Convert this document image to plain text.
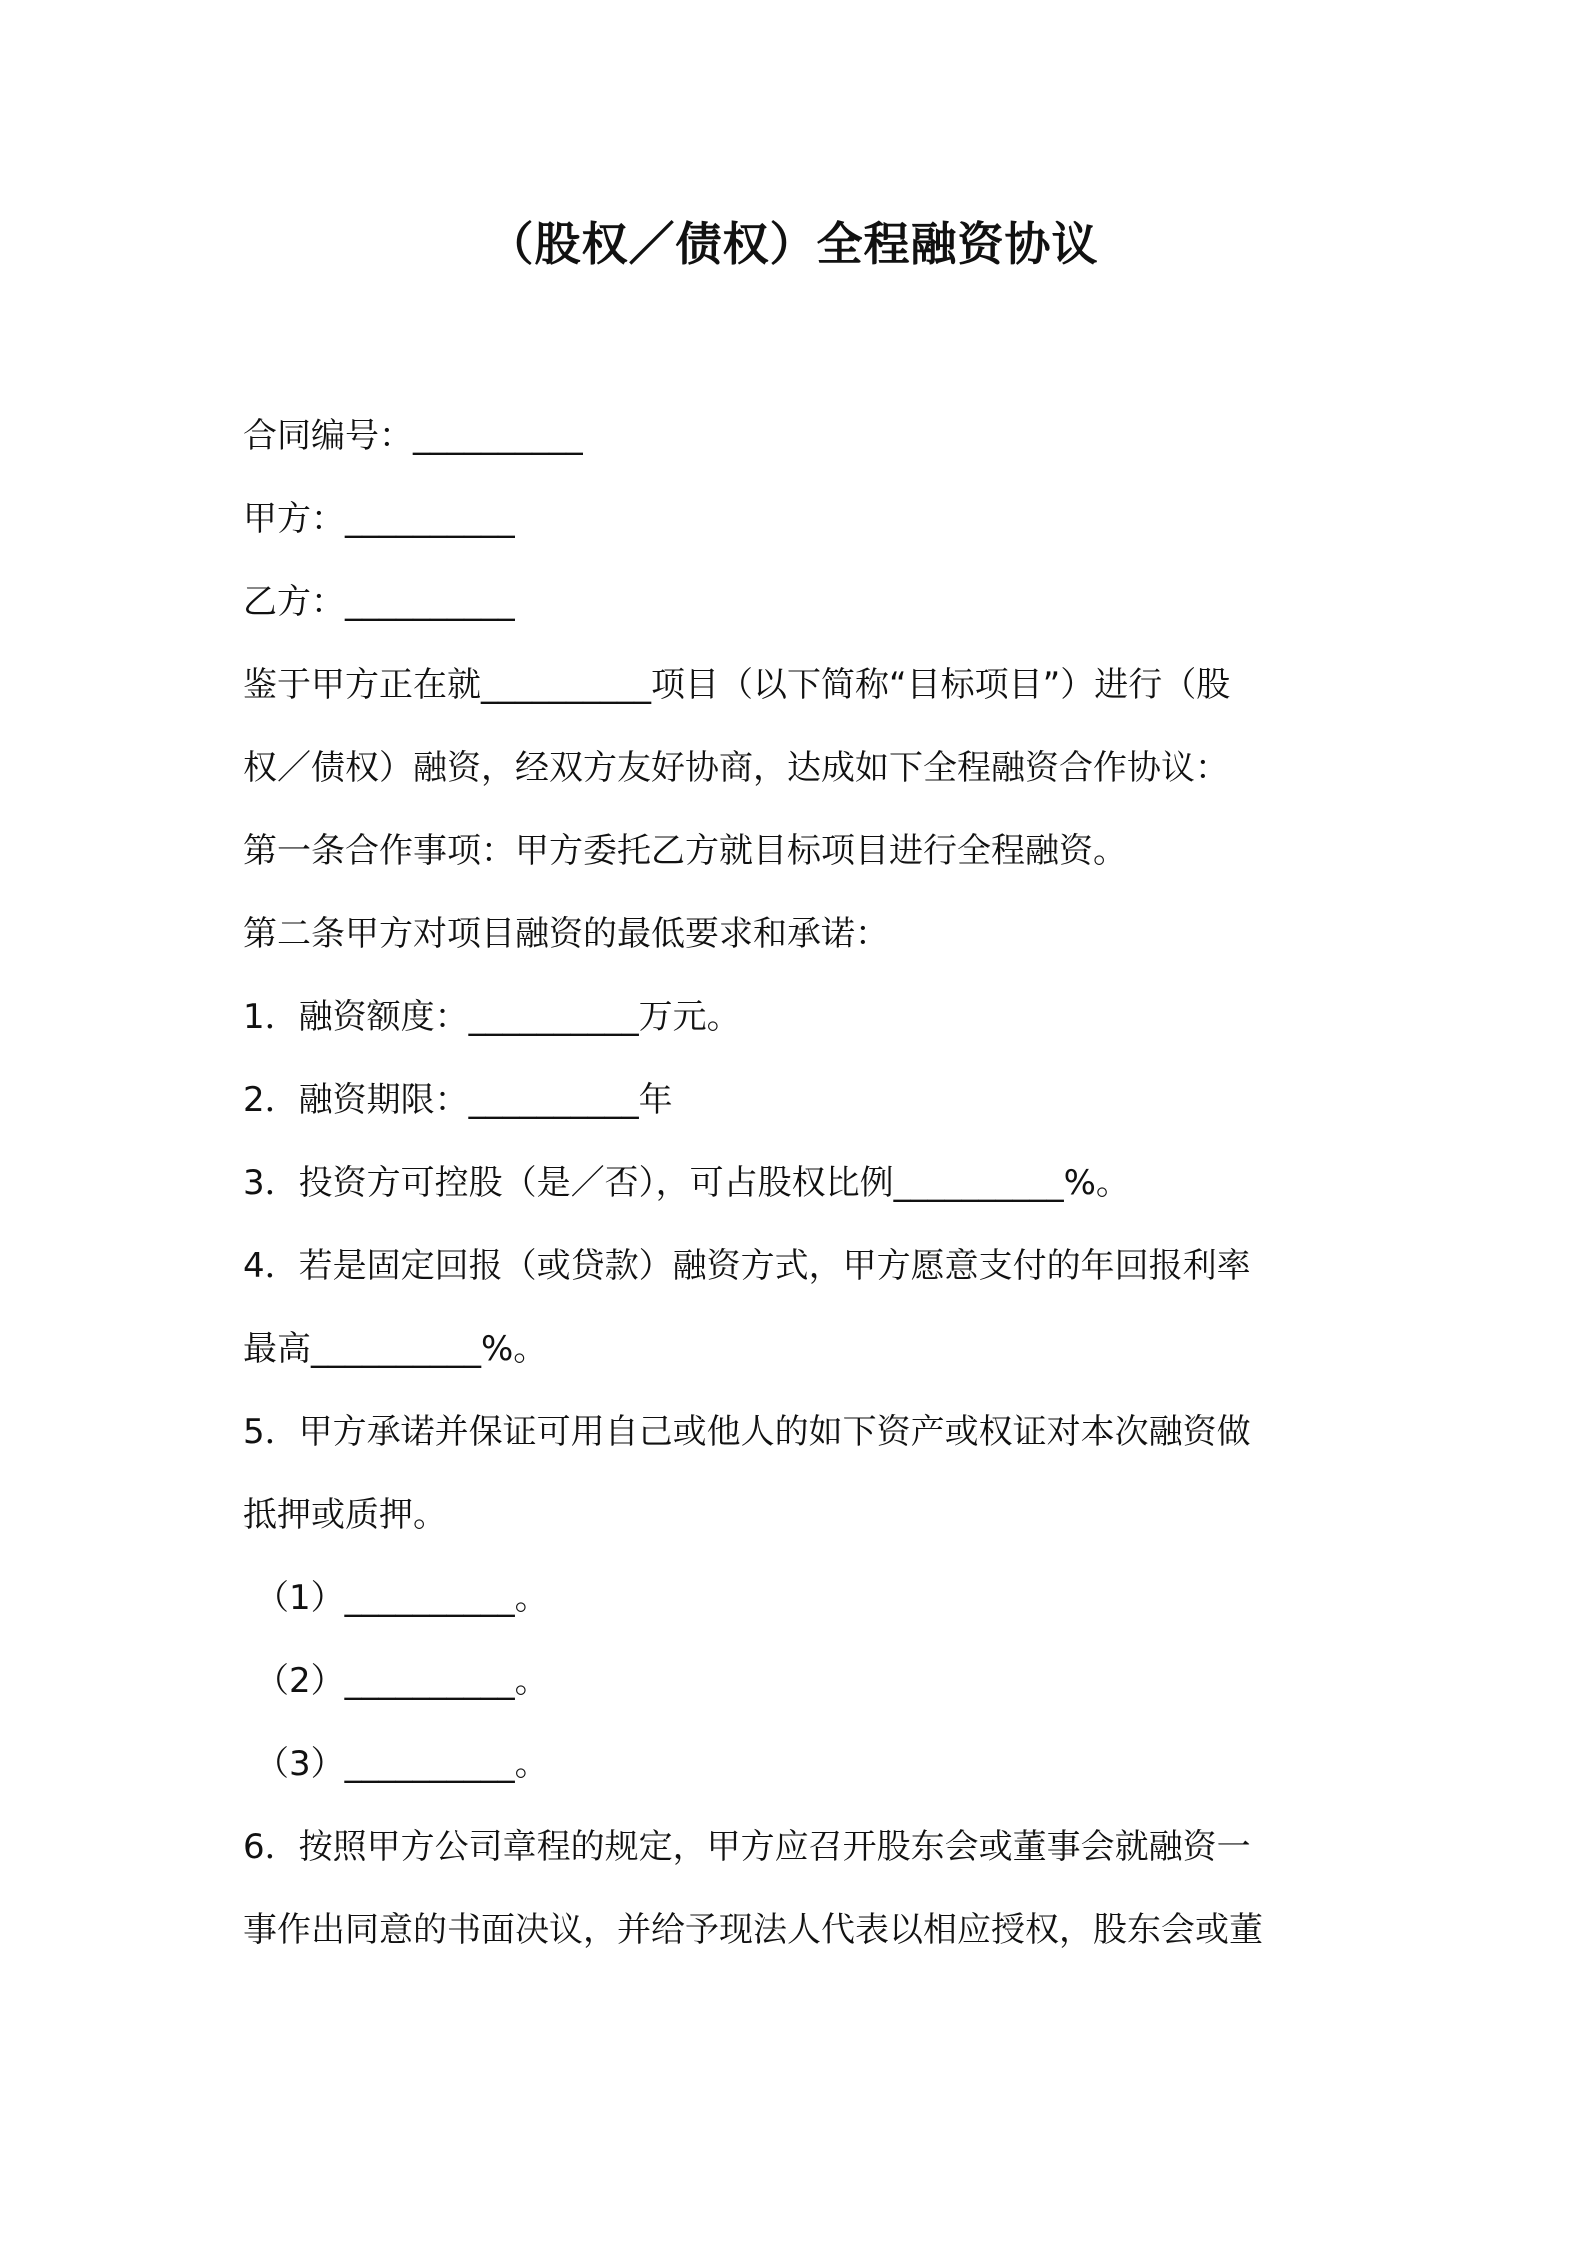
（股权／债权）全程融资协议
合同编号：__________
甲方：__________
乙方：__________
鉴于甲方正在就__________项目（以下简称“目标项目”）进行（股
权／债权）融资，经双方友好协商，达成如下全程融资合作协议：
第一条合作事项：甲方委托乙方就目标项目进行全程融资。
第二条甲方对项目融资的最低要求和承诺：
1．融资额度：__________万元。
2．融资期限：__________年
3．投资方可控股（是／否），可占股权比例__________%。
4．若是固定回报（或贷款）融资方式，甲方愿意支付的年回报利率
最高__________%。
5．甲方承诺并保证可用自己或他人的如下资产或权证对本次融资做
抵押或质押。
（1）__________。
（2）__________。
（3）__________。
6．按照甲方公司章程的规定，甲方应召开股东会或董事会就融资一
事作出同意的书面决议，并给予现法人代表以相应授权，股东会或董
